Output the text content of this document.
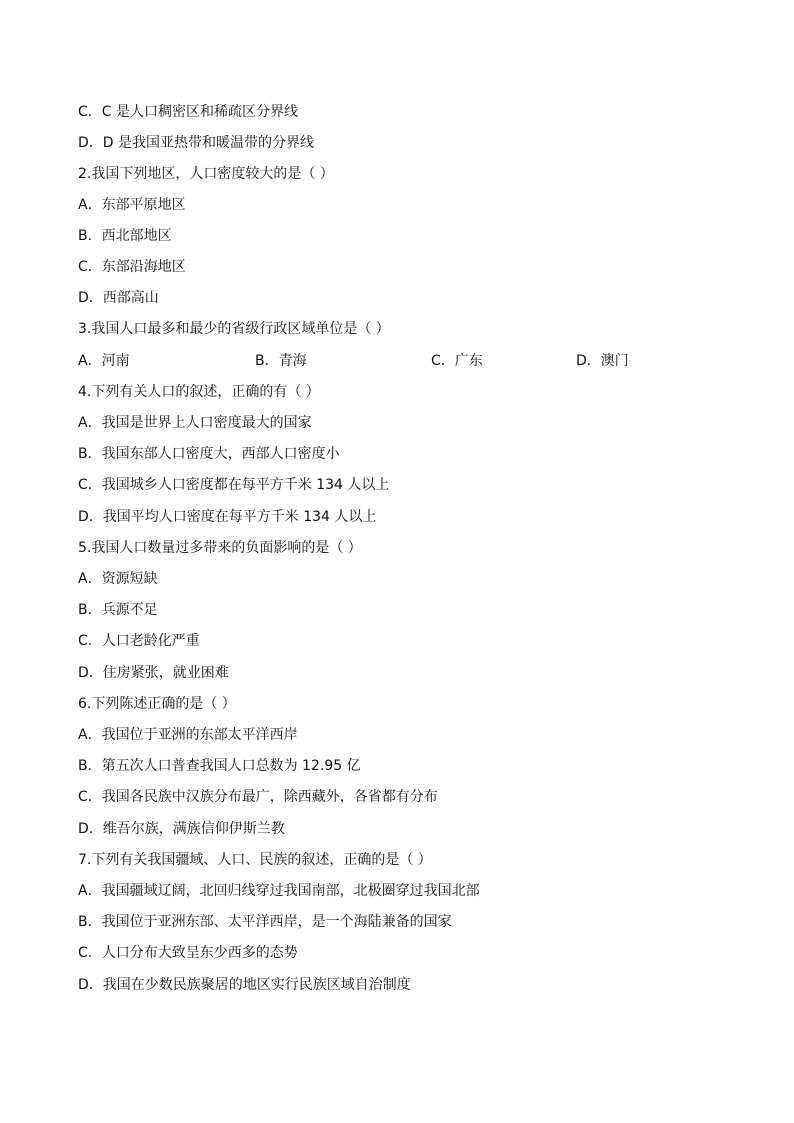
C．C 是人口稠密区和稀疏区分界线
D．D 是我国亚热带和暖温带的分界线
2.我国下列地区，人口密度较大的是（ ）
A．东部平原地区
B．西北部地区
C．东部沿海地区
D．西部高山
3.我国人口最多和最少的省级行政区域单位是（ ）
A．河南	B．青海	C．广东	D．澳门
4.下列有关人口的叙述，正确的有（ ）
A．我国是世界上人口密度最大的国家
B．我国东部人口密度大，西部人口密度小
C．我国城乡人口密度都在每平方千米 134 人以上
D．我国平均人口密度在每平方千米 134 人以上
5.我国人口数量过多带来的负面影响的是（ ）
A．资源短缺
B．兵源不足
C．人口老龄化严重
D．住房紧张，就业困难
6.下列陈述正确的是（ ）
A．我国位于亚洲的东部太平洋西岸
B．第五次人口普查我国人口总数为 12.95 亿
C．我国各民族中汉族分布最广，除西藏外，各省都有分布
D．维吾尔族，满族信仰伊斯兰教
7.下列有关我国疆域、人口、民族的叙述，正确的是（ ）
A．我国疆域辽阔，北回归线穿过我国南部，北极圈穿过我国北部
B．我国位于亚洲东部、太平洋西岸，是一个海陆兼备的国家
C．人口分布大致呈东少西多的态势
D．我国在少数民族聚居的地区实行民族区域自治制度
